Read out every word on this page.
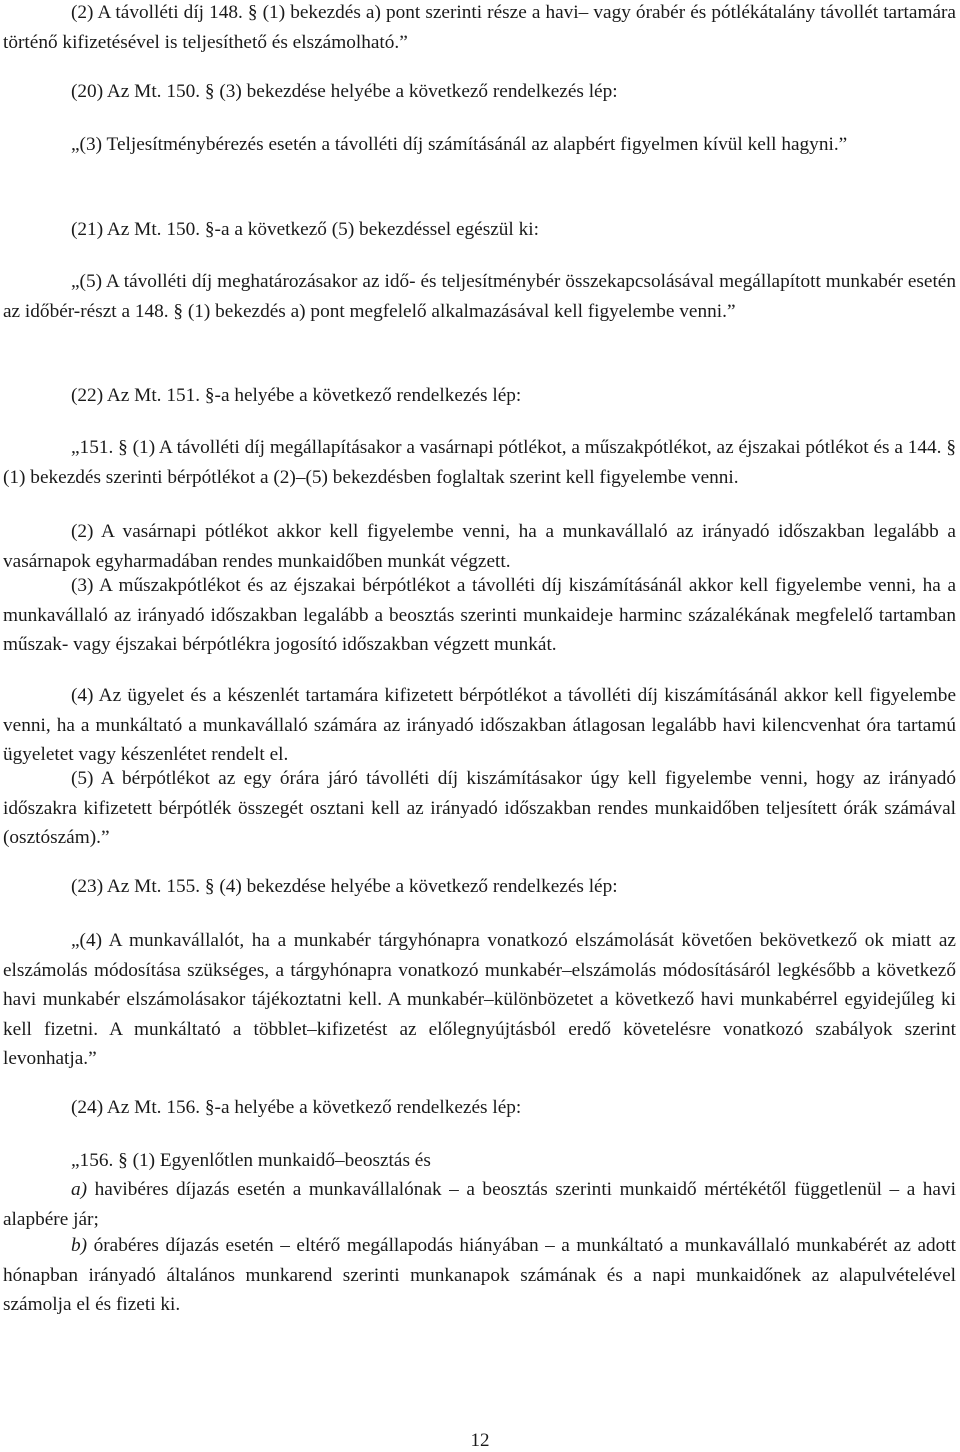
(2) A távolléti díj 148. § (1) bekezdés a) pont szerinti része a havi– vagy órabér és pótlékátalány távollét tartamára történő kifizetésével is teljesíthető és elszámolható.”

(20) Az Mt. 150. § (3) bekezdése helyébe a következő rendelkezés lép:

„(3) Teljesítménybérezés esetén a távolléti díj számításánál az alapbért figyelmen kívül kell hagyni.”

(21) Az Mt. 150. §-a a következő (5) bekezdéssel egészül ki:

„(5) A távolléti díj meghatározásakor az idő- és teljesítménybér összekapcsolásával megállapított munkabér esetén az időbér-részt a 148. § (1) bekezdés a) pont megfelelő alkalmazásával kell figyelembe venni.”

(22) Az Mt. 151. §-a helyébe a következő rendelkezés lép:

„151. § (1) A távolléti díj megállapításakor a vasárnapi pótlékot, a műszakpótlékot, az éjszakai pótlékot és a 144. § (1) bekezdés szerinti bérpótlékot a (2)–(5) bekezdésben foglaltak szerint kell figyelembe venni.

(2) A vasárnapi pótlékot akkor kell figyelembe venni, ha a munkavállaló az irányadó időszakban legalább a vasárnapok egyharmadában rendes munkaidőben munkát végzett.

(3) A műszakpótlékot és az éjszakai bérpótlékot a távolléti díj kiszámításánál akkor kell figyelembe venni, ha a munkavállaló az irányadó időszakban legalább a beosztás szerinti munkaideje harminc százalékának megfelelő tartamban műszak- vagy éjszakai bérpótlékra jogosító időszakban végzett munkát.

(4) Az ügyelet és a készenlét tartamára kifizetett bérpótlékot a távolléti díj kiszámításánál akkor kell figyelembe venni, ha a munkáltató a munkavállaló számára az irányadó időszakban átlagosan legalább havi kilencvenhat óra tartamú ügyeletet vagy készenlétet rendelt el.

(5) A bérpótlékot az egy órára járó távolléti díj kiszámításakor úgy kell figyelembe venni, hogy az irányadó időszakra kifizetett bérpótlék összegét osztani kell az irányadó időszakban rendes munkaidőben teljesített órák számával (osztószám).”

(23) Az Mt. 155. § (4) bekezdése helyébe a következő rendelkezés lép:

„(4) A munkavállalót, ha a munkabér tárgyhónapra vonatkozó elszámolását követően bekövetkező ok miatt az elszámolás módosítása szükséges, a tárgyhónapra vonatkozó munkabér–elszámolás módosításáról legkésőbb a következő havi munkabér elszámolásakor tájékoztatni kell. A munkabér–különbözetet a következő havi munkabérrel egyidejűleg ki kell fizetni. A munkáltató a többlet–kifizetést az előlegnyújtásból eredő követelésre vonatkozó szabályok szerint levonhatja.”

(24) Az Mt. 156. §-a helyébe a következő rendelkezés lép:

„156. § (1) Egyenlőtlen munkaidő–beosztás és

a) havibéres díjazás esetén a munkavállalónak – a beosztás szerinti munkaidő mértékétől függetlenül – a havi alapbére jár;

b) órabéres díjazás esetén – eltérő megállapodás hiányában – a munkáltató a munkavállaló munkabérét az adott hónapban irányadó általános munkarend szerinti munkanapok számának és a napi munkaidőnek az alapulvételével számolja el és fizeti ki.

12
